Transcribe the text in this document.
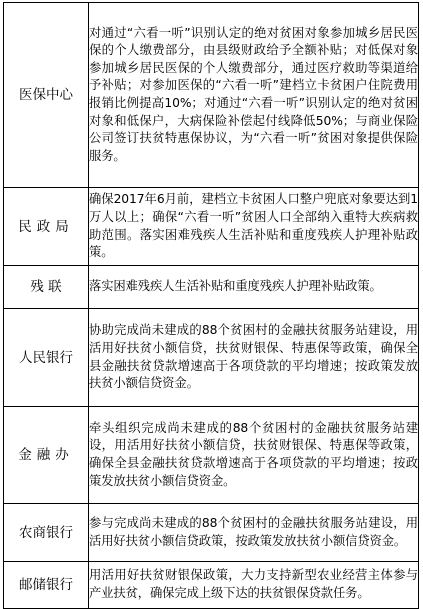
医保中心	对通过“六看一听”识别认定的绝对贫困对象参加城乡居民医保的个人缴费部分，由县级财政给予全额补贴；对低保对象参加城乡居民医保的个人缴费部分，通过医疗救助等渠道给予补贴；对参加医保的“六看一听”建档立卡贫困户住院费用报销比例提高10%；对通过“六看一听”识别认定的绝对贫困对象和低保户，大病保险补偿起付线降低50%；与商业保险公司签订扶贫特惠保协议，为“六看一听”贫困对象提供保险服务。
民政局	确保2017年6月前，建档立卡贫困人口整户兜底对象要达到1万人以上；确保“六看一听”贫困人口全部纳入重特大疾病救助范围。落实困难残疾人生活补贴和重度残疾人护理补贴政策。
残 联	落实困难残疾人生活补贴和重度残疾人护理补贴政策。
人民银行	协助完成尚未建成的88个贫困村的金融扶贫服务站建设，用活用好扶贫小额信贷，扶贫财银保、特惠保等政策，确保全县金融扶贫贷款增速高于各项贷款的平均增速；按政策发放扶贫小额信贷资金。
金融办	牵头组织完成尚未建成的88个贫困村的金融扶贫服务站建设，用活用好扶贫小额信贷，扶贫财银保、特惠保等政策，确保全县金融扶贫贷款增速高于各项贷款的平均增速；按政策发放扶贫小额信贷资金。
农商银行	参与完成尚未建成的88个贫困村的金融扶贫服务站建设，用活用好扶贫小额信贷政策，按政策发放扶贫小额信贷资金。
邮储银行	用活用好扶贫财银保政策，大力支持新型农业经营主体参与产业扶贫，确保完成上级下达的扶贫银保贷款任务。
